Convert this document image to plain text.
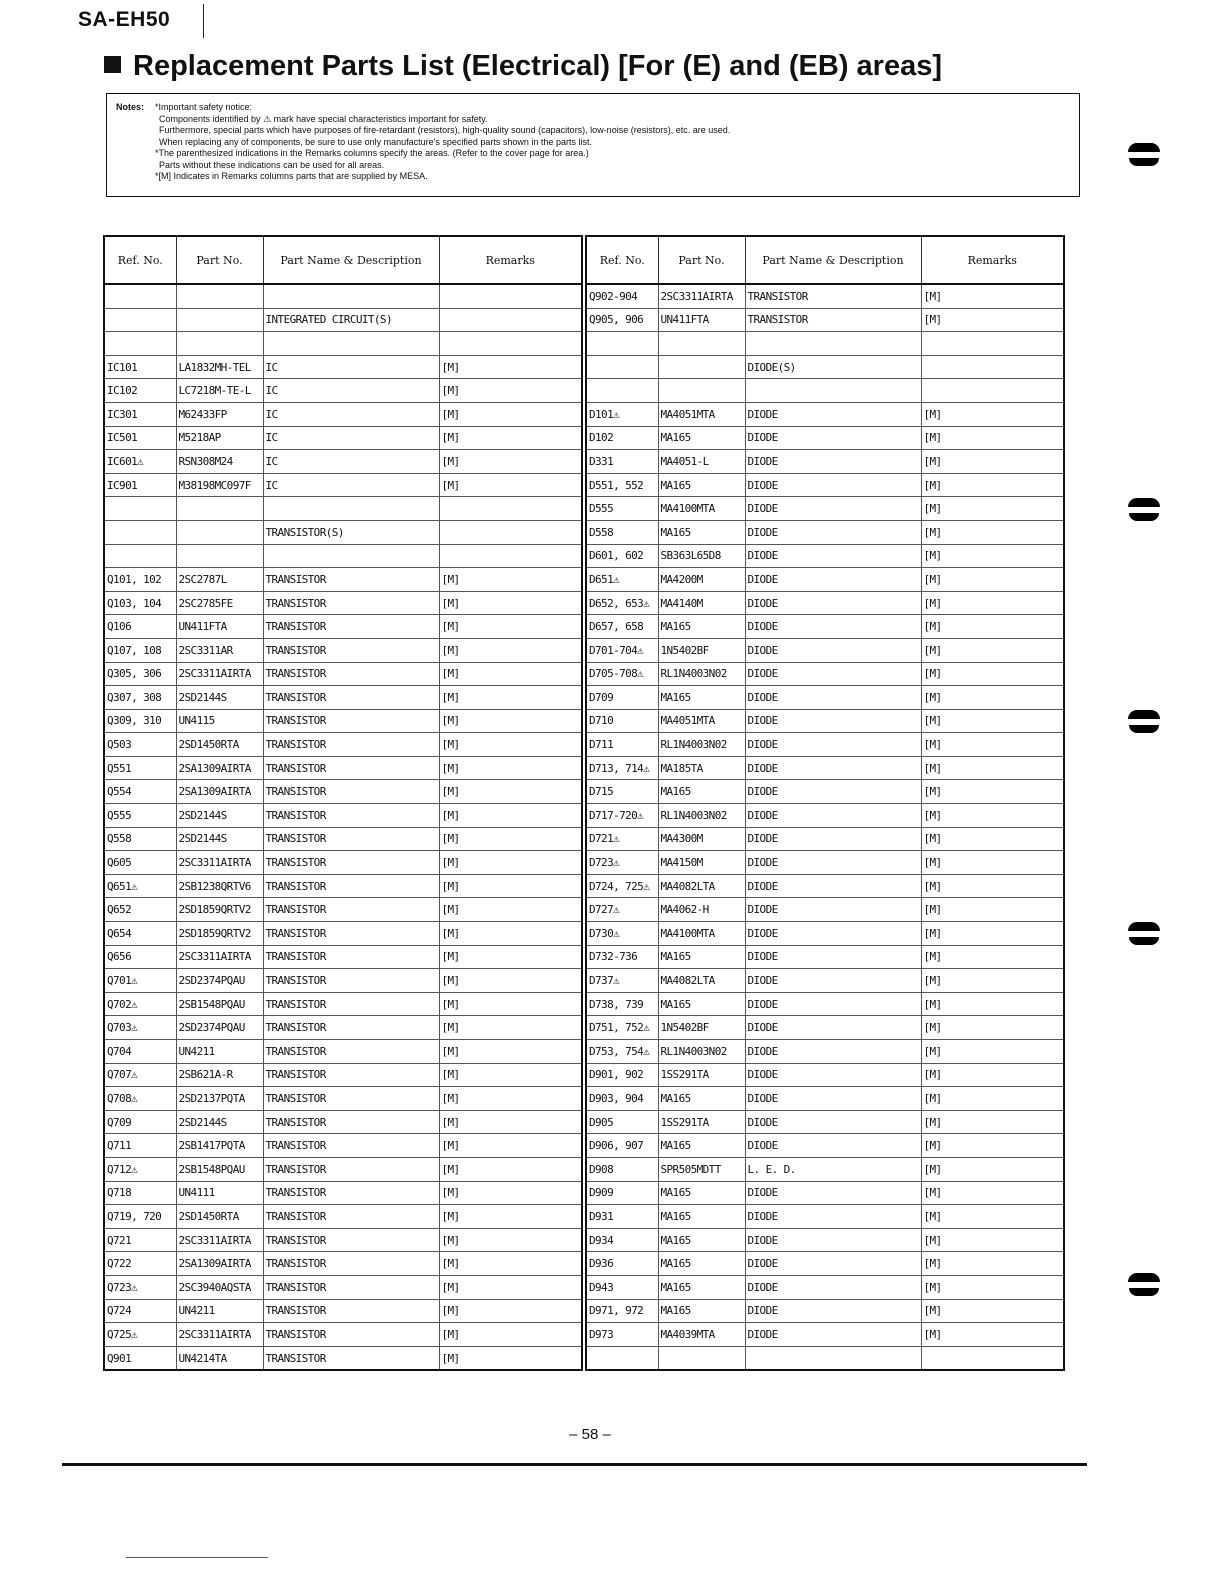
SA-EH50
Replacement Parts List (Electrical) [For (E) and (EB) areas]
Notes: *Important safety notice:
Components identified by ⚠ mark have special characteristics important for safety.
Furthermore, special parts which have purposes of fire-retardant (resistors), high-quality sound (capacitors), low-noise (resistors), etc. are used.
When replacing any of components, be sure to use only manufacture's specified parts shown in the parts list.
*The parenthesized indications in the Remarks columns specify the areas. (Refer to the cover page for area.)
Parts without these indications can be used for all areas.
*[M] Indicates in Remarks columns parts that are supplied by MESA.
Ref. No.	Part No.	Part Name & Description	Remarks

		INTEGRATED CIRCUIT(S)	

IC101	LA1832MH-TEL	IC	[M]
IC102	LC7218M-TE-L	IC	[M]
IC301	M62433FP	IC	[M]
IC501	M5218AP	IC	[M]
IC601⚠	RSN308M24	IC	[M]
IC901	M38198MC097F	IC	[M]

		TRANSISTOR(S)	

Q101, 102	2SC2787L	TRANSISTOR	[M]
Q103, 104	2SC2785FE	TRANSISTOR	[M]
Q106	UN411FTA	TRANSISTOR	[M]
Q107, 108	2SC3311AR	TRANSISTOR	[M]
Q305, 306	2SC3311AIRTA	TRANSISTOR	[M]
Q307, 308	2SD2144S	TRANSISTOR	[M]
Q309, 310	UN4115	TRANSISTOR	[M]
Q503	2SD1450RTA	TRANSISTOR	[M]
Q551	2SA1309AIRTA	TRANSISTOR	[M]
Q554	2SA1309AIRTA	TRANSISTOR	[M]
Q555	2SD2144S	TRANSISTOR	[M]
Q558	2SD2144S	TRANSISTOR	[M]
Q605	2SC3311AIRTA	TRANSISTOR	[M]
Q651⚠	2SB1238QRTV6	TRANSISTOR	[M]
Q652	2SD1859QRTV2	TRANSISTOR	[M]
Q654	2SD1859QRTV2	TRANSISTOR	[M]
Q656	2SC3311AIRTA	TRANSISTOR	[M]
Q701⚠	2SD2374PQAU	TRANSISTOR	[M]
Q702⚠	2SB1548PQAU	TRANSISTOR	[M]
Q703⚠	2SD2374PQAU	TRANSISTOR	[M]
Q704	UN4211	TRANSISTOR	[M]
Q707⚠	2SB621A-R	TRANSISTOR	[M]
Q708⚠	2SD2137PQTA	TRANSISTOR	[M]
Q709	2SD2144S	TRANSISTOR	[M]
Q711	2SB1417PQTA	TRANSISTOR	[M]
Q712⚠	2SB1548PQAU	TRANSISTOR	[M]
Q718	UN4111	TRANSISTOR	[M]
Q719, 720	2SD1450RTA	TRANSISTOR	[M]
Q721	2SC3311AIRTA	TRANSISTOR	[M]
Q722	2SA1309AIRTA	TRANSISTOR	[M]
Q723⚠	2SC3940AQSTA	TRANSISTOR	[M]
Q724	UN4211	TRANSISTOR	[M]
Q725⚠	2SC3311AIRTA	TRANSISTOR	[M]
Q901	UN4214TA	TRANSISTOR	[M]
Ref. No.	Part No.	Part Name & Description	Remarks
Q902-904	2SC3311AIRTA	TRANSISTOR	[M]
Q905, 906	UN411FTA	TRANSISTOR	[M]

		DIODE(S)	

D101⚠	MA4051MTA	DIODE	[M]
D102	MA165	DIODE	[M]
D331	MA4051-L	DIODE	[M]
D551, 552	MA165	DIODE	[M]
D555	MA4100MTA	DIODE	[M]
D558	MA165	DIODE	[M]
D601, 602	SB363L65D8	DIODE	[M]
D651⚠	MA4200M	DIODE	[M]
D652, 653⚠	MA4140M	DIODE	[M]
D657, 658	MA165	DIODE	[M]
D701-704⚠	1N5402BF	DIODE	[M]
D705-708⚠	RL1N4003N02	DIODE	[M]
D709	MA165	DIODE	[M]
D710	MA4051MTA	DIODE	[M]
D711	RL1N4003N02	DIODE	[M]
D713, 714⚠	MA185TA	DIODE	[M]
D715	MA165	DIODE	[M]
D717-720⚠	RL1N4003N02	DIODE	[M]
D721⚠	MA4300M	DIODE	[M]
D723⚠	MA4150M	DIODE	[M]
D724, 725⚠	MA4082LTA	DIODE	[M]
D727⚠	MA4062-H	DIODE	[M]
D730⚠	MA4100MTA	DIODE	[M]
D732-736	MA165	DIODE	[M]
D737⚠	MA4082LTA	DIODE	[M]
D738, 739	MA165	DIODE	[M]
D751, 752⚠	1N5402BF	DIODE	[M]
D753, 754⚠	RL1N4003N02	DIODE	[M]
D901, 902	1SS291TA	DIODE	[M]
D903, 904	MA165	DIODE	[M]
D905	1SS291TA	DIODE	[M]
D906, 907	MA165	DIODE	[M]
D908	SPR505MDTT	L. E. D.	[M]
D909	MA165	DIODE	[M]
D931	MA165	DIODE	[M]
D934	MA165	DIODE	[M]
D936	MA165	DIODE	[M]
D943	MA165	DIODE	[M]
D971, 972	MA165	DIODE	[M]
D973	MA4039MTA	DIODE	[M]

– 58 –
